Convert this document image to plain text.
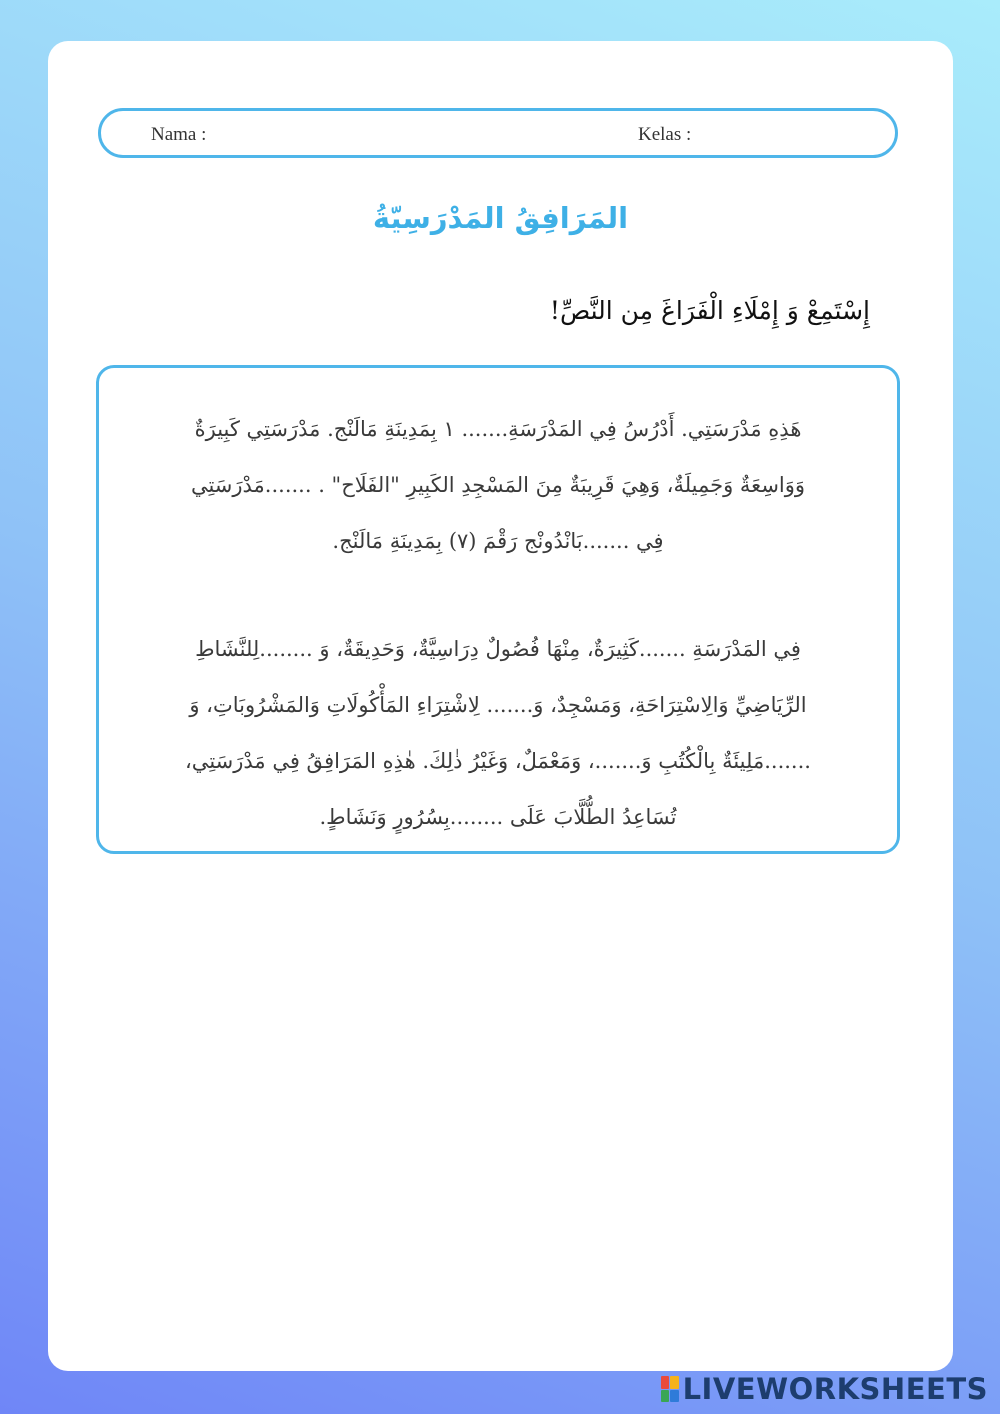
Nama :	Kelas :
المَرَافِقُ المَدْرَسِيّةُ
إِسْتَمِعْ وَ إِمْلَاءِ الْفَرَاغَ مِن النَّصِّ!
هَذِهِ مَدْرَسَتِي. أَدْرُسُ فِي المَدْرَسَةِ....... ١ بِمَدِينَةِ مَالَنْج. مَدْرَسَتِي كَبِيرَةٌ
وَوَاسِعَةٌ وَجَمِيلَةٌ، وَهِيَ قَرِيبَةٌ مِنَ المَسْجِدِ الكَبِيرِ "الفَلَاح" . .......مَدْرَسَتِي
فِي .......بَانْدُونْج رَقْمَ (٧) بِمَدِينَةِ مَالَنْج.
فِي المَدْرَسَةِ .......كَثِيرَةٌ، مِنْهَا فُصُولٌ دِرَاسِيَّةٌ، وَحَدِيقَةٌ، وَ ........لِلنَّشَاطِ
الرِّيَاضِيِّ وَالِاسْتِرَاحَةِ، وَمَسْجِدٌ، وَ....... لِاشْتِرَاءِ المَأْكُولَاتِ وَالمَشْرُوبَاتِ، وَ
.......مَلِيئَةٌ بِالْكُتُبِ وَ.......، وَمَعْمَلٌ، وَغَيْرُ ذٰلِكَ. هٰذِهِ المَرَافِقُ فِي مَدْرَسَتِي،
تُسَاعِدُ الطُّلَّابَ عَلَى ........بِسُرُورٍ وَنَشَاطٍ.
LIVEWORKSHEETS
